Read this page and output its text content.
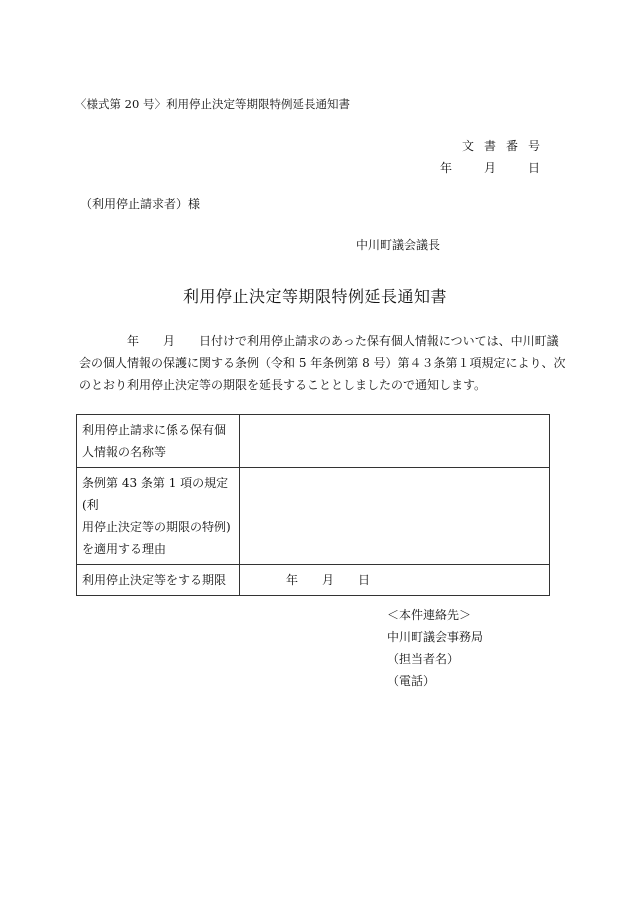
〈様式第 20 号〉利用停止決定等期限特例延長通知書
文書番号
年　月　日
（利用停止請求者）様
中川町議会議長
利用停止決定等期限特例延長通知書
年　　月　　日付けで利用停止請求のあった保有個人情報については、中川町議
会の個人情報の保護に関する条例（令和 5 年条例第 8 号）第４３条第１項規定により、次
のとおり利用停止決定等の期限を延長することとしましたので通知します。
利用停止請求に係る保有個
人情報の名称等	

条例第 43 条第 1 項の規定(利
用停止決定等の期限の特例)
を適用する理由	

利用停止決定等をする期限	年　　月　　日
＜本件連絡先＞
中川町議会事務局
（担当者名）
（電話）
